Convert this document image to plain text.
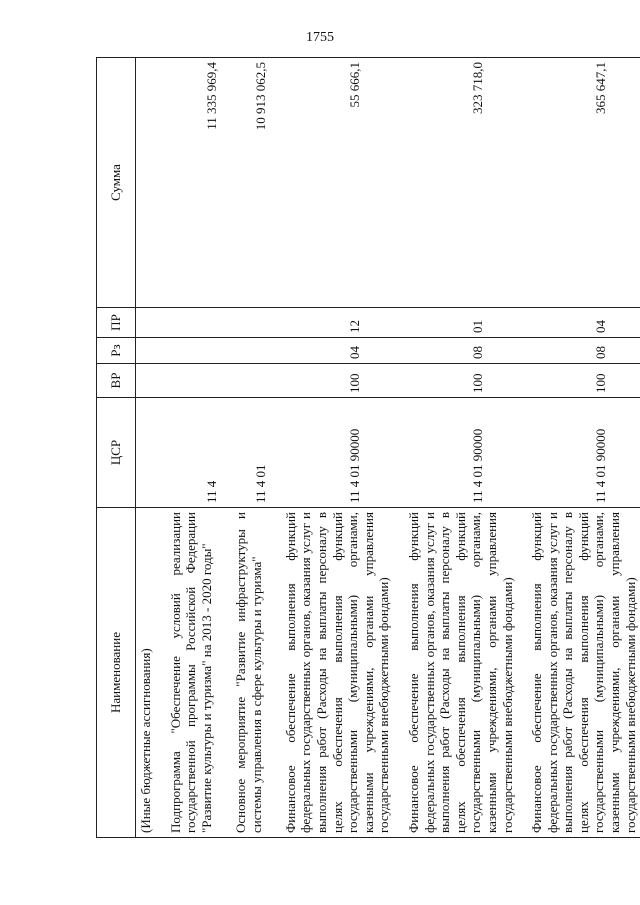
1755
Наименование	ЦСР	ВР	Рз	ПР	Сумма
(Иные бюджетные ассигнования)					
Подпрограмма "Обеспечение условий реализации государственной программы Российской Федерации "Развитие культуры и туризма" на 2013 - 2020 годы"	11 4				11 335 969,4
Основное мероприятие "Развитие инфраструктуры и системы управления в сфере культуры и туризма"	11 4 01				10 913 062,5
Финансовое обеспечение выполнения функций федеральных государственных органов, оказания услуг и выполнения работ (Расходы на выплаты персоналу в целях обеспечения выполнения функций государственными (муниципальными) органами, казенными учреждениями, органами управления государственными внебюджетными фондами)	11 4 01 90000	100	04	12	55 666,1
Финансовое обеспечение выполнения функций федеральных государственных органов, оказания услуг и выполнения работ (Расходы на выплаты персоналу в целях обеспечения выполнения функций государственными (муниципальными) органами, казенными учреждениями, органами управления государственными внебюджетными фондами)	11 4 01 90000	100	08	01	323 718,0
Финансовое обеспечение выполнения функций федеральных государственных органов, оказания услуг и выполнения работ (Расходы на выплаты персоналу в целях обеспечения выполнения функций государственными (муниципальными) органами, казенными учреждениями, органами управления государственными внебюджетными фондами)	11 4 01 90000	100	08	04	365 647,1
